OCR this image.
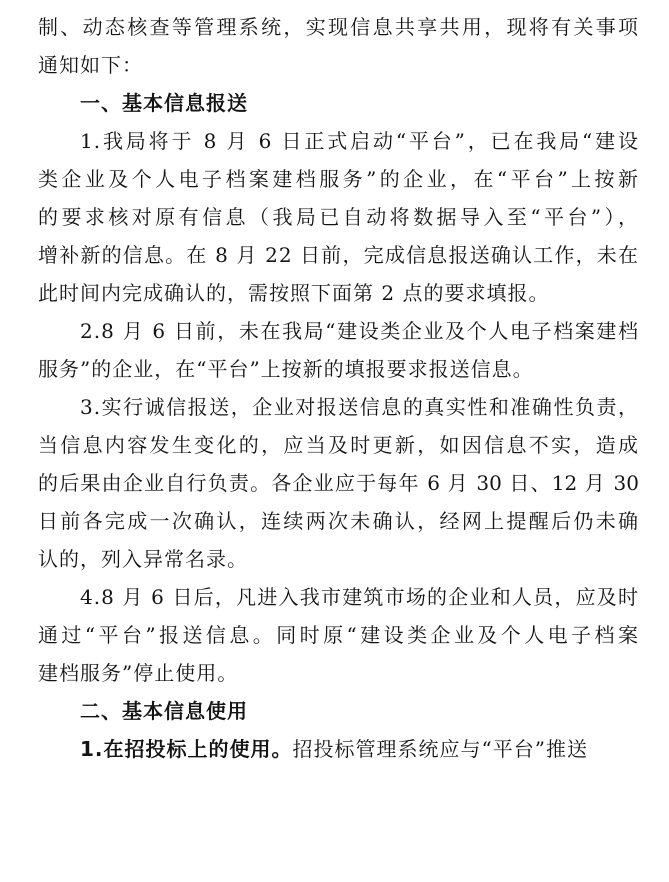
制、动态核查等管理系统，实现信息共享共用，现将有关事项
通知如下：
一、基本信息报送
1.我局将于 8 月 6 日正式启动“平台”，已在我局“建设
类企业及个人电子档案建档服务”的企业，在“平台”上按新
的要求核对原有信息（我局已自动将数据导入至“平台”），
增补新的信息。在 8 月 22 日前，完成信息报送确认工作，未在
此时间内完成确认的，需按照下面第 2 点的要求填报。
2.8 月 6 日前，未在我局“建设类企业及个人电子档案建档
服务”的企业，在“平台”上按新的填报要求报送信息。
3.实行诚信报送，企业对报送信息的真实性和准确性负责，
当信息内容发生变化的，应当及时更新，如因信息不实，造成
的后果由企业自行负责。各企业应于每年 6 月 30 日、12 月 30
日前各完成一次确认，连续两次未确认，经网上提醒后仍未确
认的，列入异常名录。
4.8 月 6 日后，凡进入我市建筑市场的企业和人员，应及时
通过“平台”报送信息。同时原“建设类企业及个人电子档案
建档服务”停止使用。
二、基本信息使用
1.在招投标上的使用。招投标管理系统应与“平台”推送
